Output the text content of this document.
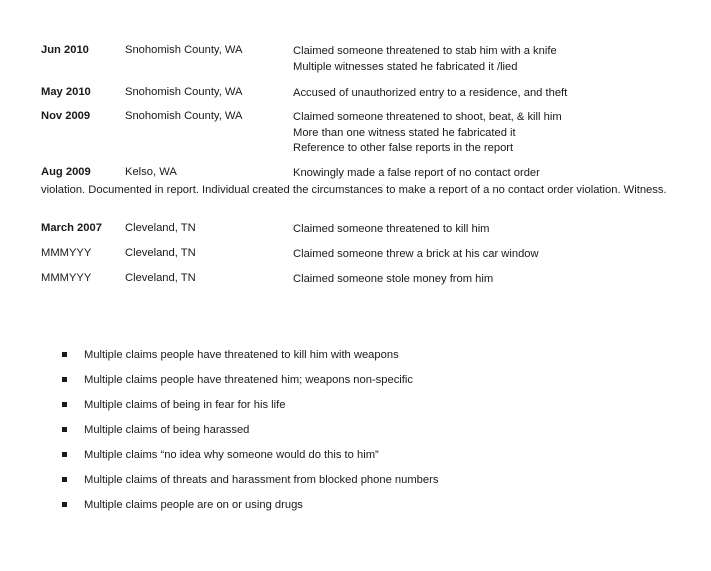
Jun 2010	Snohomish County, WA	Claimed someone threatened to stab him with a knife
Multiple witnesses stated he fabricated it /lied
May 2010	Snohomish County, WA	Accused of unauthorized entry to a residence, and theft
Nov 2009	Snohomish County, WA	Claimed someone threatened to shoot, beat, & kill him
More than one witness stated he fabricated it
Reference to other false reports in the report
Aug 2009	Kelso, WA	Knowingly made a false report of no contact order
violation. Documented in report. Individual created the circumstances to make a report of a no contact order violation. Witness.
March 2007 Cleveland, TN	Claimed someone threatened to kill him
MMMYYY	Cleveland, TN	Claimed someone threw a brick at his car window
MMMYYY	Cleveland, TN	Claimed someone stole money from him
Multiple claims people have threatened to kill him with weapons
Multiple claims people have threatened him; weapons non-specific
Multiple claims of being in fear for his life
Multiple claims of being harassed
Multiple claims “no idea why someone would do this to him”
Multiple claims of threats and harassment from blocked phone numbers
Multiple claims people are on or using drugs
